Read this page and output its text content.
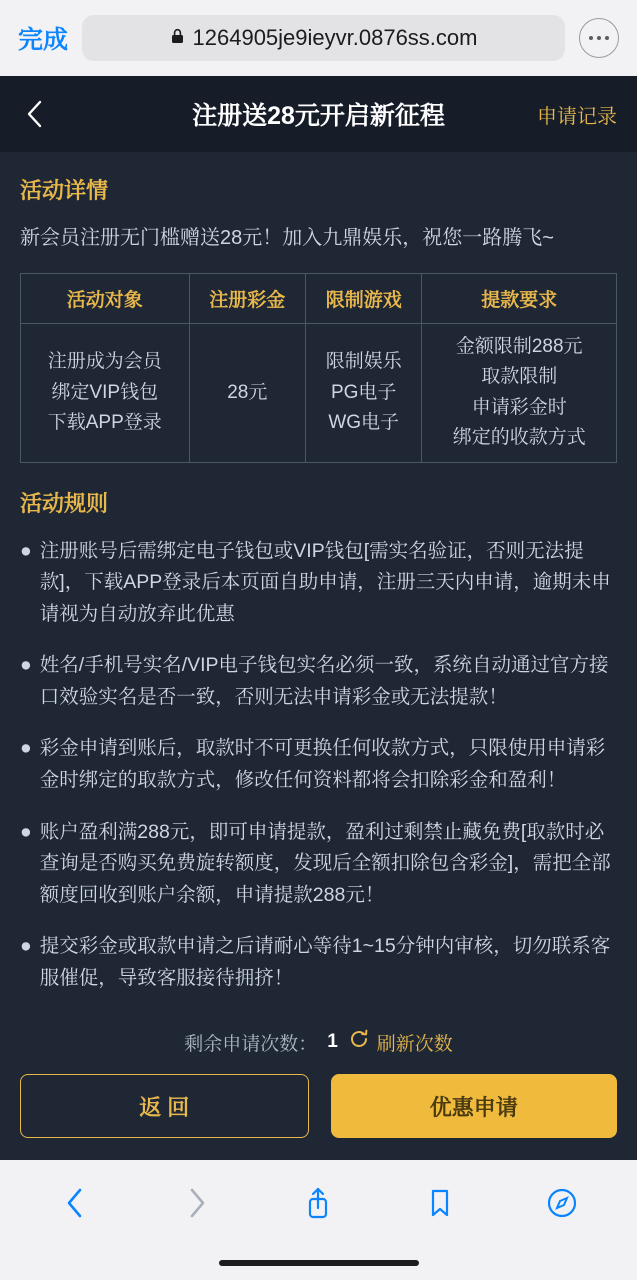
完成	1264905je9ieyvr.0876ss.com
注册送28元开启新征程	申请记录
活动详情
新会员注册无门槛赠送28元！加入九鼎娱乐，祝您一路腾飞~
活动对象	注册彩金	限制游戏	提款要求

注册成为会员
绑定VIP钱包
下载APP登录

28元

限制娱乐
PG电子
WG电子

金额限制288元
取款限制
申请彩金时
绑定的收款方式
活动规则
● 注册账号后需绑定电子钱包或VIP钱包[需实名验证，否则无法提款]，下载APP登录后本页面自助申请，注册三天内申请，逾期未申请视为自动放弃此优惠
● 姓名/手机号实名/VIP电子钱包实名必须一致，系统自动通过官方接口效验实名是否一致，否则无法申请彩金或无法提款！
● 彩金申请到账后，取款时不可更换任何收款方式，只限使用申请彩金时绑定的取款方式，修改任何资料都将会扣除彩金和盈利！
● 账户盈利满288元，即可申请提款，盈利过剩禁止藏免费[取款时必查询是否购买免费旋转额度，发现后全额扣除包含彩金]，需把全部额度回收到账户余额，申请提款288元！
● 提交彩金或取款申请之后请耐心等待1~15分钟内审核，切勿联系客服催促，导致客服接待拥挤！
剩余申请次数： 1 刷新次数
返 回	优惠申请
